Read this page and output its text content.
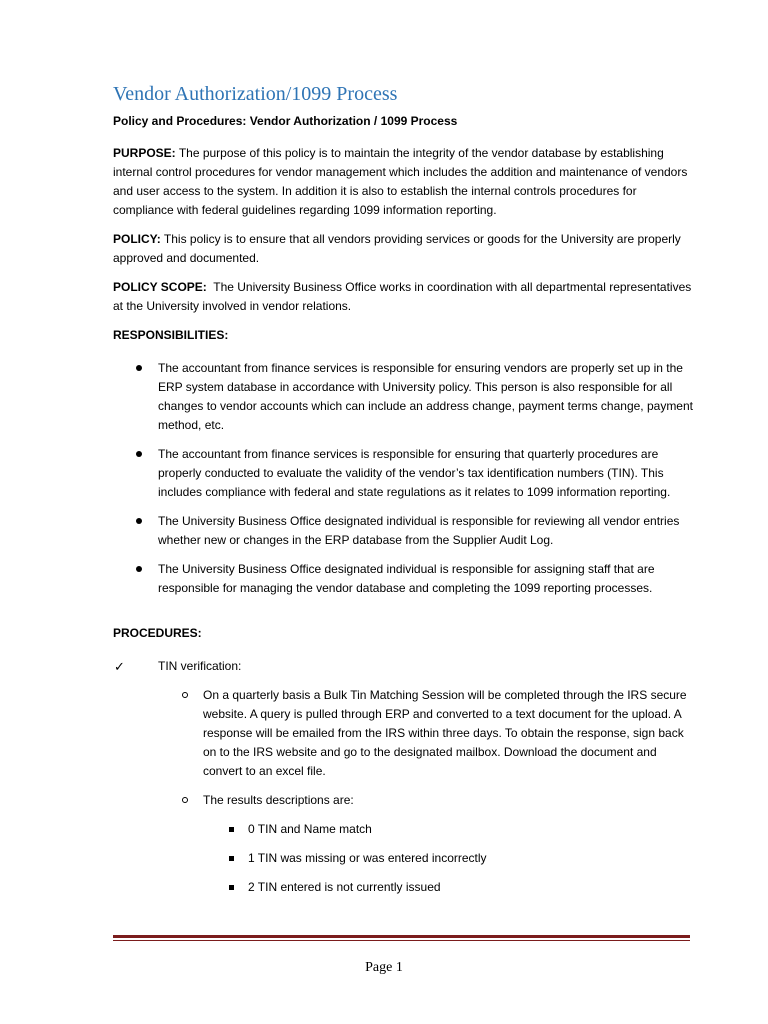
Vendor Authorization/1099 Process
Policy and Procedures: Vendor Authorization / 1099 Process

PURPOSE: The purpose of this policy is to maintain the integrity of the vendor database by establishing internal control procedures for vendor management which includes the addition and maintenance of vendors and user access to the system. In addition it is also to establish the internal controls procedures for compliance with federal guidelines regarding 1099 information reporting.

POLICY: This policy is to ensure that all vendors providing services or goods for the University are properly approved and documented.

POLICY SCOPE: The University Business Office works in coordination with all departmental representatives at the University involved in vendor relations.

RESPONSIBILITIES:
The accountant from finance services is responsible for ensuring vendors are properly set up in the ERP system database in accordance with University policy. This person is also responsible for all changes to vendor accounts which can include an address change, payment terms change, payment method, etc.
The accountant from finance services is responsible for ensuring that quarterly procedures are properly conducted to evaluate the validity of the vendor’s tax identification numbers (TIN). This includes compliance with federal and state regulations as it relates to 1099 information reporting.
The University Business Office designated individual is responsible for reviewing all vendor entries whether new or changes in the ERP database from the Supplier Audit Log.
The University Business Office designated individual is responsible for assigning staff that are responsible for managing the vendor database and completing the 1099 reporting processes.
PROCEDURES:
✓	TIN verification:
On a quarterly basis a Bulk Tin Matching Session will be completed through the IRS secure website. A query is pulled through ERP and converted to a text document for the upload. A response will be emailed from the IRS within three days. To obtain the response, sign back on to the IRS website and go to the designated mailbox. Download the document and convert to an excel file.
The results descriptions are:
0 TIN and Name match
1 TIN was missing or was entered incorrectly
2 TIN entered is not currently issued
Page 1
